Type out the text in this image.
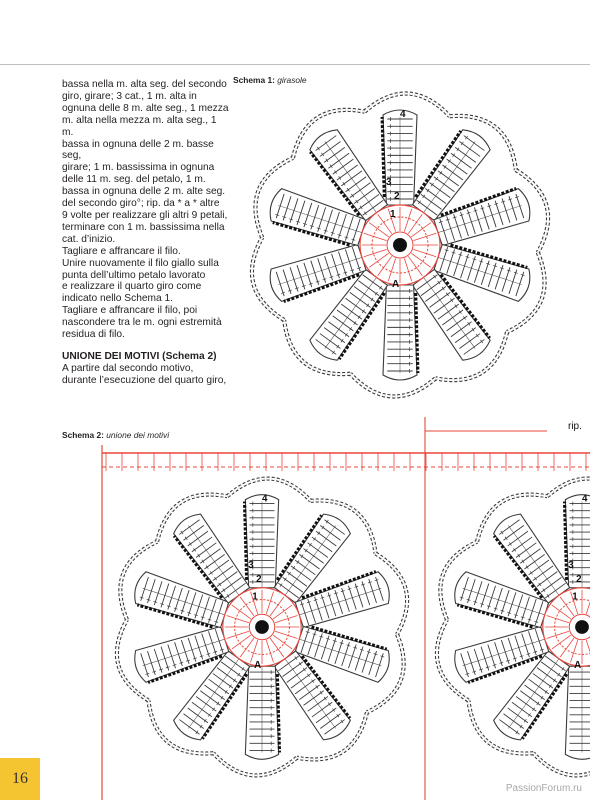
bassa nella m. alta seg. del secondo

giro, girare; 3 cat., 1 m. alta in

ognuna delle 8 m. alte seg., 1 mezza

m. alta nella mezza m. alta seg., 1 m.

bassa in ognuna delle 2 m. basse seg,

girare; 1 m. bassissima in ognuna

delle 11 m. seg. del petalo, 1 m.

bassa in ognuna delle 2 m. alte seg.

del secondo giro°; rip. da * a * altre

9 volte per realizzare gli altri 9 petali,

terminare con 1 m. bassissima nella

cat. d’inizio.

Tagliare e affrancare il filo.

Unire nuovamente il filo giallo sulla

punta dell’ultimo petalo lavorato

e realizzare il quarto giro come

indicato nello Schema 1.

Tagliare e affrancare il filo, poi

nascondere tra le m. ogni estremità

residua di filo.

UNIONE DEI MOTIVI (Schema 2)

A partire dal secondo motivo,

durante l’esecuzione del quarto giro,

Schema 1: girasole
4
3
2
1
A
Schema 2: unione dei motivi
rip.
4
3
2
1
A
4
3
2
1
A
16
PassionForum.ru
